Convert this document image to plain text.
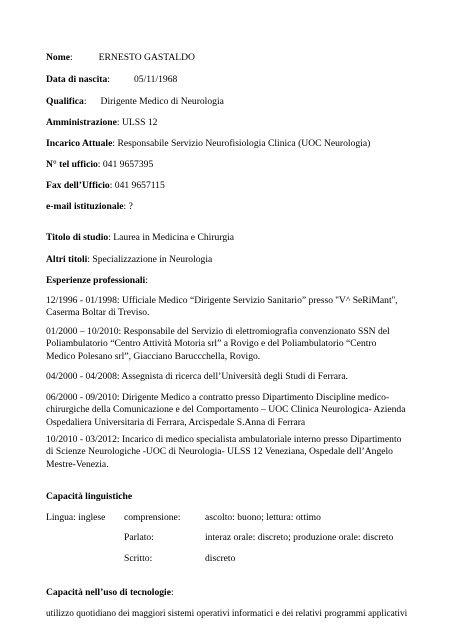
Nome:	ERNESTO GASTALDO
Data di nascita:	05/11/1968
Qualifica: Dirigente Medico di Neurologia
Amministrazione: ULSS 12
Incarico Attuale: Responsabile Servizio Neurofisiologia Clinica (UOC Neurologia)
N° tel ufficio: 041 9657395
Fax dell’Ufficio: 041 9657115
e-mail istituzionale: ?
Titolo di studio: Laurea in Medicina e Chirurgia
Altri titoli: Specializzazione in Neurologia
Esperienze professionali:
12/1996 - 01/1998: Ufficiale Medico “Dirigente Servizio Sanitario” presso ''V^ SeRiMant'', Caserma Boltar di Treviso.
01/2000 – 10/2010: Responsabile del Servizio di elettromiografia convenzionato SSN del Poliambulatorio “Centro Attività Motoria srl” a Rovigo e del Poliambulatorio “Centro Medico Polesano srl”, Giacciano Baruccchella, Rovigo.
04/2000 - 04/2008: Assegnista di ricerca dell’Università degli Studi di Ferrara.
06/2000 - 09/2010: Dirigente Medico a contratto presso Dipartimento Discipline medico-chirurgiche della Comunicazione e del Comportamento – UOC Clinica Neurologica- Azienda Ospedaliera Universitaria di Ferrara, Arcispedale S.Anna di Ferrara
10/2010 - 03/2012: Incarico di medico specialista ambulatoriale interno presso Dipartimento di Scienze Neurologiche -UOC di Neurologia- ULSS 12 Veneziana, Ospedale dell’Angelo Mestre-Venezia.
Capacità linguistiche
Lingua: inglese comprensione:	ascolto: buono; lettura: ottimo
Parlato:	interaz orale: discreto; produzione orale: discreto
Scritto:	discreto
Capacità nell’uso di tecnologie:
utilizzo quotidiano dei maggiori sistemi operativi informatici e dei relativi programmi applicativi
